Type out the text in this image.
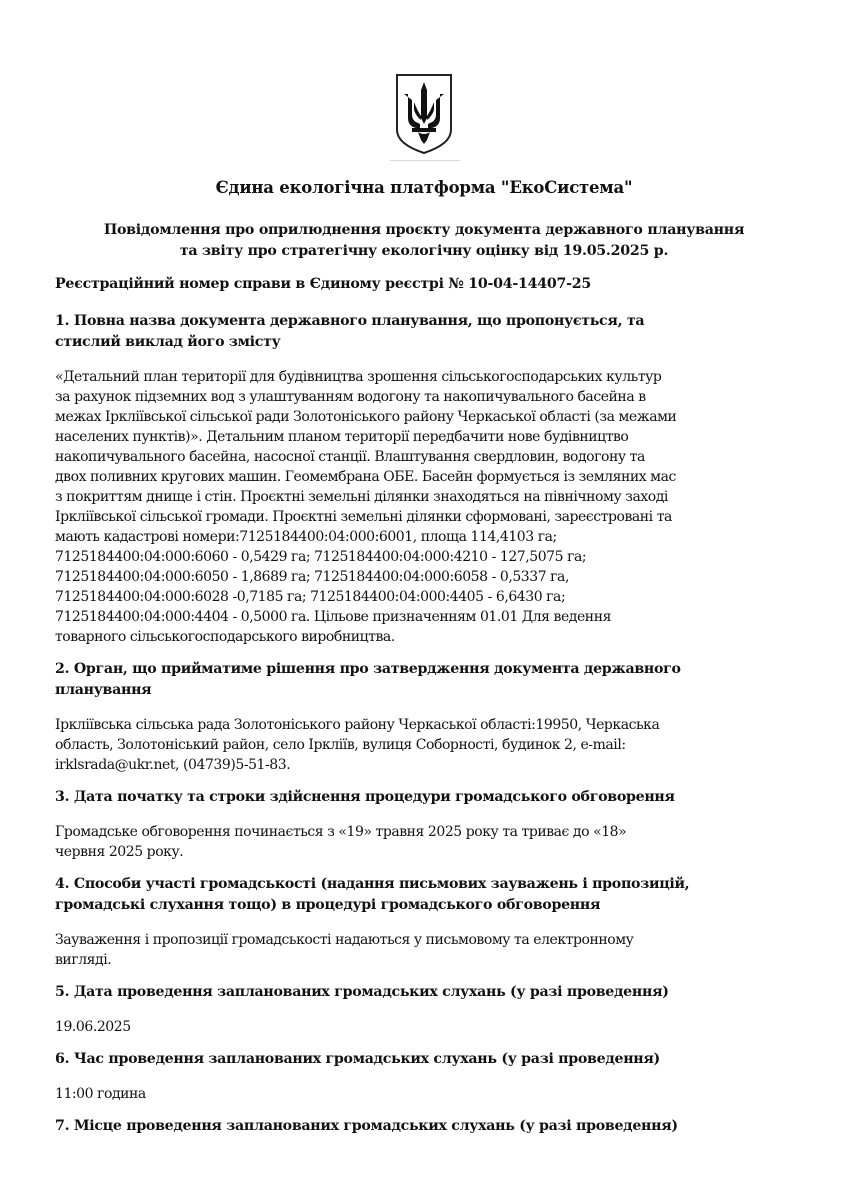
Єдина екологічна платформа "ЕкоСистема"
Повідомлення про оприлюднення проєкту документа державного планування
та звіту про стратегічну екологічну оцінку від 19.05.2025 р.
Реєстраційний номер справи в Єдиному реєстрі № 10-04-14407-25
1. Повна назва документа державного планування, що пропонується, та
стислий виклад його змісту
«Детальний план території для будівництва зрошення сільськогосподарських культур
за рахунок підземних вод з улаштуванням водогону та накопичувального басейна в
межах Ірклiївської сільської ради Золотоніського району Черкаської області (за межами
населених пунктів)». Детальним планом території передбачити нове будівництво
накопичувального басейна, насосної станції. Влаштування свердловин, водогону та
двох поливних кругових машин. Геомембрана ОБЕ. Басейн формується із земляних мас
з покриттям днище і стін. Проєктні земельні ділянки знаходяться на північному заході
Ірклiївської сільської громади. Проєктні земельні ділянки сформовані, зареєстровані та
мають кадастрові номери:7125184400:04:000:6001, площа 114,4103 га;
7125184400:04:000:6060 - 0,5429 га; 7125184400:04:000:4210 - 127,5075 га;
7125184400:04:000:6050 - 1,8689 га; 7125184400:04:000:6058 - 0,5337 га,
7125184400:04:000:6028 -0,7185 га; 7125184400:04:000:4405 - 6,6430 га;
7125184400:04:000:4404 - 0,5000 га. Цільове призначенням 01.01 Для ведення
товарного сільськогосподарського виробництва.
2. Орган, що прийматиме рішення про затвердження документа державного
планування
Ірклiївська сільська рада Золотоніського району Черкаської області:19950, Черкаська
область, Золотоніський район, село Ірклiїв, вулиця Соборності, будинок 2, e-mail:
irklsrada@ukr.net, (04739)5-51-83.
3. Дата початку та строки здійснення процедури громадського обговорення
Громадське обговорення починається з «19» травня 2025 року та триває до «18»
червня 2025 року.
4. Способи участі громадськості (надання письмових зауважень і пропозицій,
громадські слухання тощо) в процедурі громадського обговорення
Зауваження і пропозиції громадськості надаються у письмовому та електронному
вигляді.
5. Дата проведення запланованих громадських слухань (у разі проведення)
19.06.2025
6. Час проведення запланованих громадських слухань (у разі проведення)
11:00 година
7. Місце проведення запланованих громадських слухань (у разі проведення)
